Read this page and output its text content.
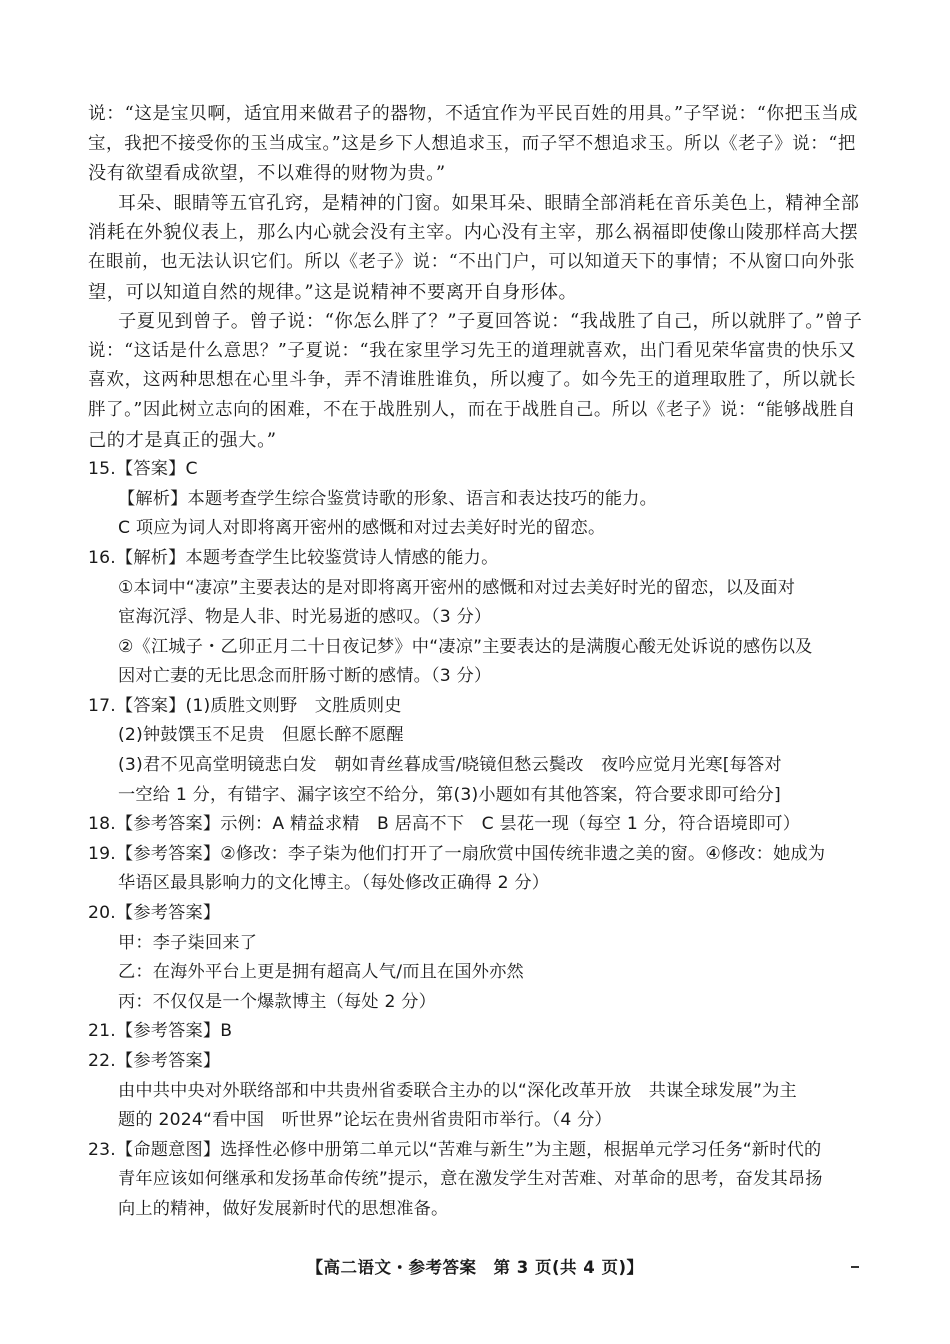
说：“这是宝贝啊，适宜用来做君子的器物，不适宜作为平民百姓的用具。”子罕说：“你把玉当成
宝，我把不接受你的玉当成宝。”这是乡下人想追求玉，而子罕不想追求玉。所以《老子》说：“把
没有欲望看成欲望，不以难得的财物为贵。”
耳朵、眼睛等五官孔窍，是精神的门窗。如果耳朵、眼睛全部消耗在音乐美色上，精神全部
消耗在外貌仪表上，那么内心就会没有主宰。内心没有主宰，那么祸福即使像山陵那样高大摆
在眼前，也无法认识它们。所以《老子》说：“不出门户，可以知道天下的事情；不从窗口向外张
望，可以知道自然的规律。”这是说精神不要离开自身形体。
子夏见到曾子。曾子说：“你怎么胖了？”子夏回答说：“我战胜了自己，所以就胖了。”曾子
说：“这话是什么意思？”子夏说：“我在家里学习先王的道理就喜欢，出门看见荣华富贵的快乐又
喜欢，这两种思想在心里斗争，弄不清谁胜谁负，所以瘦了。如今先王的道理取胜了，所以就长
胖了。”因此树立志向的困难，不在于战胜别人，而在于战胜自己。所以《老子》说：“能够战胜自
己的才是真正的强大。”
15.【答案】C
【解析】本题考查学生综合鉴赏诗歌的形象、语言和表达技巧的能力。
C 项应为词人对即将离开密州的感慨和对过去美好时光的留恋。
16.【解析】本题考查学生比较鉴赏诗人情感的能力。
①本词中“凄凉”主要表达的是对即将离开密州的感慨和对过去美好时光的留恋，以及面对
宦海沉浮、物是人非、时光易逝的感叹。（3 分）
②《江城子・乙卯正月二十日夜记梦》中“凄凉”主要表达的是满腹心酸无处诉说的感伤以及
因对亡妻的无比思念而肝肠寸断的感情。（3 分）
17.【答案】(1)质胜文则野　文胜质则史
(2)钟鼓馔玉不足贵　但愿长醉不愿醒
(3)君不见高堂明镜悲白发　朝如青丝暮成雪/晓镜但愁云鬓改　夜吟应觉月光寒[每答对
一空给 1 分，有错字、漏字该空不给分，第(3)小题如有其他答案，符合要求即可给分]
18.【参考答案】示例：A 精益求精　B 居高不下　C 昙花一现（每空 1 分，符合语境即可）
19.【参考答案】②修改：李子柒为他们打开了一扇欣赏中国传统非遗之美的窗。④修改：她成为
华语区最具影响力的文化博主。（每处修改正确得 2 分）
20.【参考答案】
甲：李子柒回来了
乙：在海外平台上更是拥有超高人气/而且在国外亦然
丙：不仅仅是一个爆款博主（每处 2 分）
21.【参考答案】B
22.【参考答案】
由中共中央对外联络部和中共贵州省委联合主办的以“深化改革开放　共谋全球发展”为主
题的 2024“看中国　听世界”论坛在贵州省贵阳市举行。（4 分）
23.【命题意图】选择性必修中册第二单元以“苦难与新生”为主题，根据单元学习任务“新时代的
青年应该如何继承和发扬革命传统”提示，意在激发学生对苦难、对革命的思考，奋发其昂扬
向上的精神，做好发展新时代的思想准备。
【高二语文・参考答案　第 3 页(共 4 页)】
